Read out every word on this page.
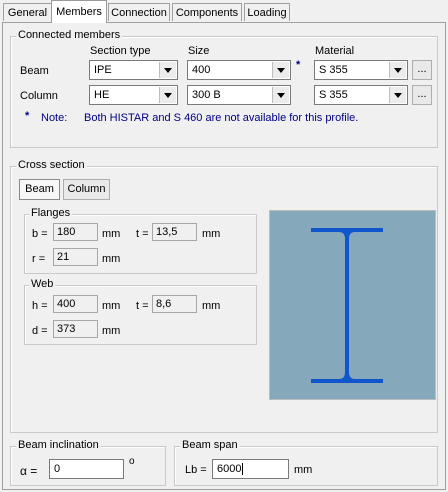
General Members Connection Components Loading
Connected members
Section type	Size	Material
Beam	IPE	400	* S 355	...
Column	HE	300 B	S 355	...
* Note: Both HISTAR and S 460 are not available for this profile.
Cross section
Beam	Column
Flanges
b = 180	mm t = 13,5	mm
r =	21	mm
Web
h = 400	mm t = 8,6	mm
d = 373	mm
Beam inclination
α =	0
o
Beam span
Lb = 6000	mm
